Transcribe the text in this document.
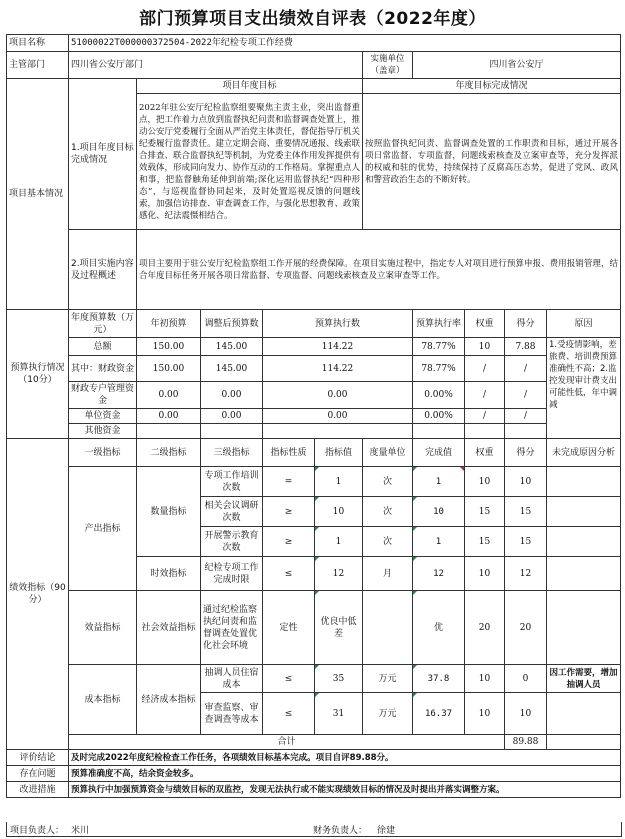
部门预算项目支出绩效自评表（2022年度）
项目名称	51000022T000000372504-2022年纪检专项工作经费									
主管部门	四川省公安厅部门					实施单位
（盖章）	四川省公安厅			
项目基本情况	1.项目年度目标完成情况	项目年度目标				年度目标完成情况				
		2022年驻公安厅纪检监察组要聚焦主责主业，突出监督重点，把工作着力点放到监督执纪问责和监督调查处置上，推动公安厅党委履行全面从严治党主体责任，督促指导厅机关纪委履行监督责任。建立定期会商、重要情况通报、线索联合排查、联合监督执纪等机制，为党委主体作用发挥提供有效载体，形成同向发力、协作互动的工作格局。掌握重点人和事，把监督触角延伸到前端;深化运用监督执纪“四种形态”，与巡视监督协同起来，及时处置巡视反馈的问题线索，加强信访排查、审查调查工作，与强化思想教育、政策感化、纪法震慑相结合。				按照监督执纪问责、监督调查处置的工作职责和目标，通过开展各项日常监督、专项监督，问题线索核查及立案审查等，充分发挥派的权威和驻的优势，持续保持了反腐高压态势，促进了党风、政风和警营政治生态的不断好转。				
	2.项目实施内容及过程概述	项目主要用于驻公安厅纪检监察组工作开展的经费保障。在项目实施过程中，指定专人对项目进行预算申报、费用报销管理，结合年度目标任务开展各项日常监督、专项监督、问题线索核查及立案审查等工作。								
预算执行情况（10分）	年度预算数（万元）	年初预算	调整后预算数	预算执行数			预算执行率	权重	得分	原因
	总额	150.00	145.00	114.22			78.77%	10	7.88	1.受疫情影响，差旅费、培训费预算准确性不高；2.监控发现审计费支出可能性低，年中调减
	其中：财政资金	150.00	145.00	114.22			78.77%	/	/	
	财政专户管理资金	0.00	0.00	0.00			0.00%	/	/	
	单位资金	0.00	0.00	0.00			0.00%	/	/	
	其他资金									
绩效指标（90分）	一级指标	二级指标	三级指标	指标性质	指标值	度量单位	完成值	权重	得分	未完成原因分析
	产出指标	数量指标	专项工作培训次数	=	1	次	1	10	10	
			相关会议调研次数	≥	10	次	10	15	15	
			开展警示教育次数	≥	1	次	1	15	15	
		时效指标	纪检专项工作完成时限	≤	12	月	12	10	12	
	效益指标	社会效益指标	通过纪检监察执纪问责和监督调查处置优化社会环境	定性	优良中低差		优	20	20	
	成本指标	经济成本指标	抽调人员住宿成本	≤	35	万元	37.8	10	0	因工作需要，增加抽调人员
			审查监察、审查调查等成本	≤	31	万元	16.37	10	10	
	合计								89.88	
评价结论	及时完成2022年度纪检检查工作任务，各项绩效目标基本完成。项目自评89.88分。									
存在问题	预算准确度不高，结余资金较多。									
改进措施	预算执行中加强预算资金与绩效目标的双监控，发现无法执行或不能实现绩效目标的情况及时提出并落实调整方案。									
项目负责人： 米川	财务负责人： 徐建
